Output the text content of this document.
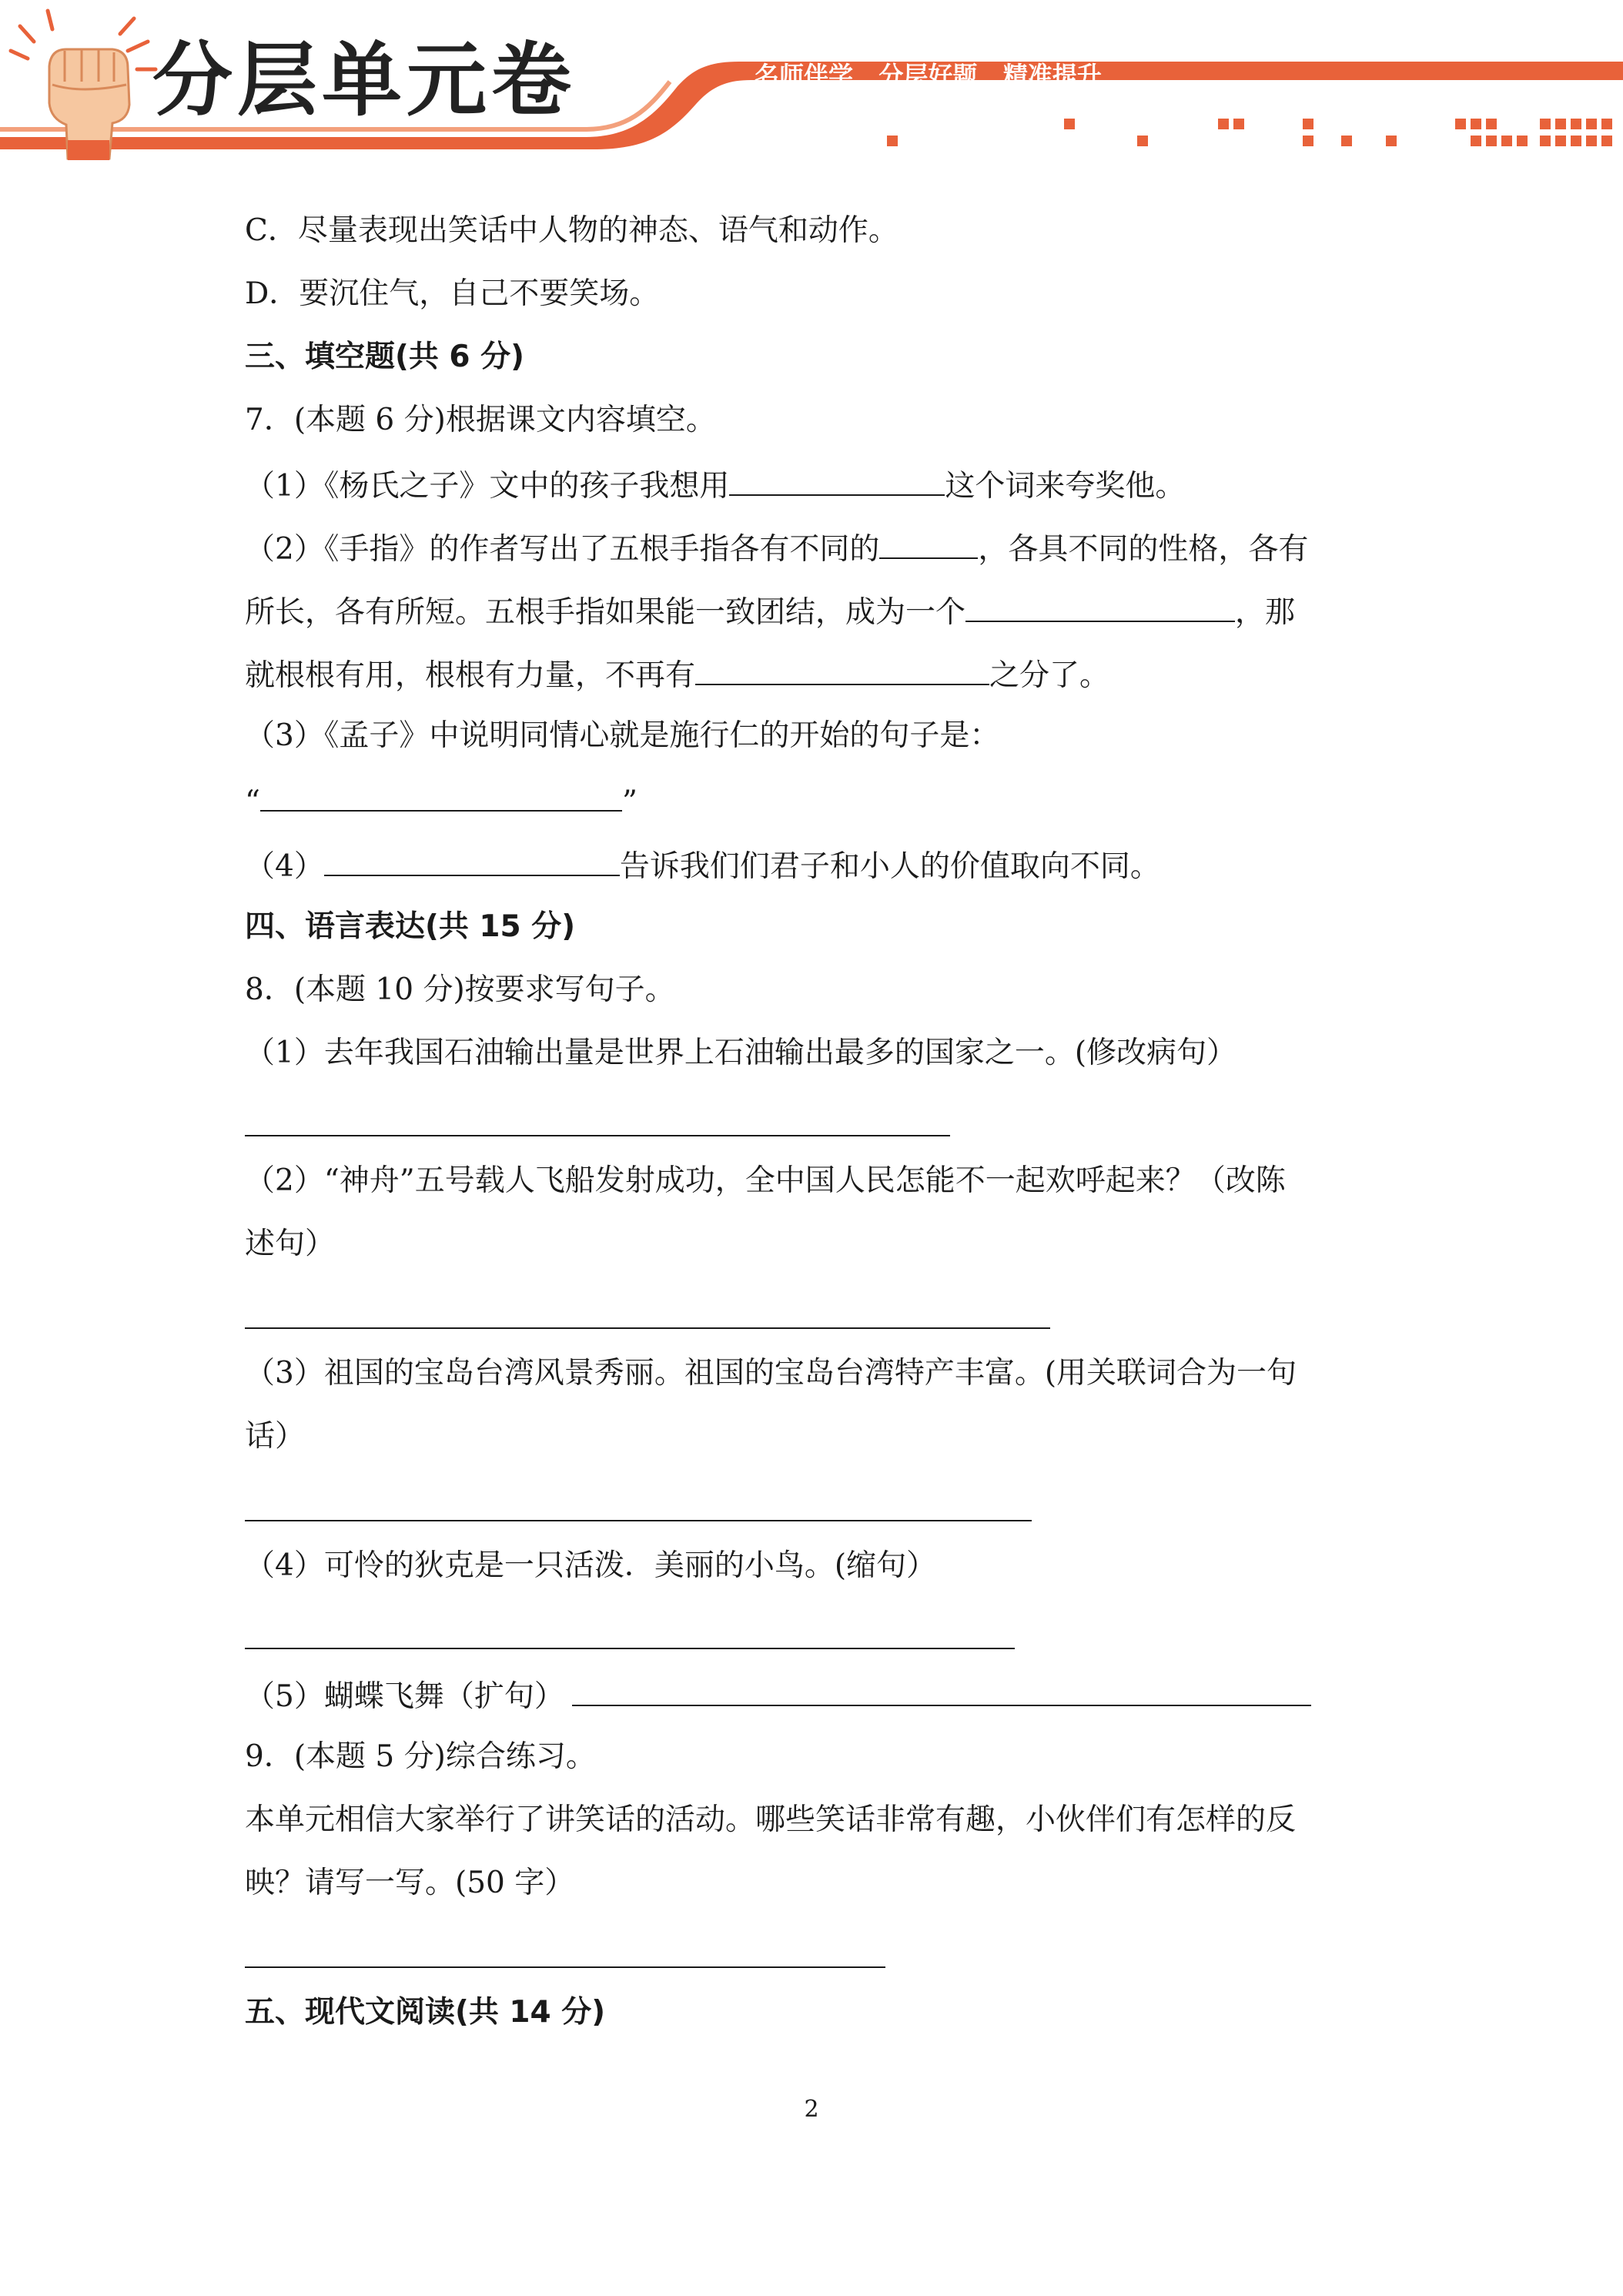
分层单元卷	名师伴学   分层好题   精准提升
C．尽量表现出笑话中人物的神态、语气和动作。
D．要沉住气，自己不要笑场。
三、填空题(共 6 分)
7．(本题 6 分)根据课文内容填空。
（1）《杨氏之子》文中的孩子我想用	这个词来夸奖他。
（2）《手指》的作者写出了五根手指各有不同的	，各具不同的性格，各有
所长，各有所短。五根手指如果能一致团结，成为一个	，那
就根根有用，根根有力量，不再有	之分了。
（3）《孟子》中说明同情心就是施行仁的开始的句子是：
“	”
（4）	告诉我们们君子和小人的价值取向不同。
四、语言表达(共 15 分)
8．(本题 10 分)按要求写句子。
（1）去年我国石油输出量是世界上石油输出最多的国家之一。(修改病句）
（2）“神舟”五号载人飞船发射成功，全中国人民怎能不一起欢呼起来？（改陈
述句）
（3）祖国的宝岛台湾风景秀丽。祖国的宝岛台湾特产丰富。(用关联词合为一句
话）
（4）可怜的狄克是一只活泼．美丽的小鸟。(缩句）
（5）蝴蝶飞舞（扩句）
9．(本题 5 分)综合练习。
本单元相信大家举行了讲笑话的活动。哪些笑话非常有趣，小伙伴们有怎样的反
映？请写一写。(50 字）
五、现代文阅读(共 14 分)
2
